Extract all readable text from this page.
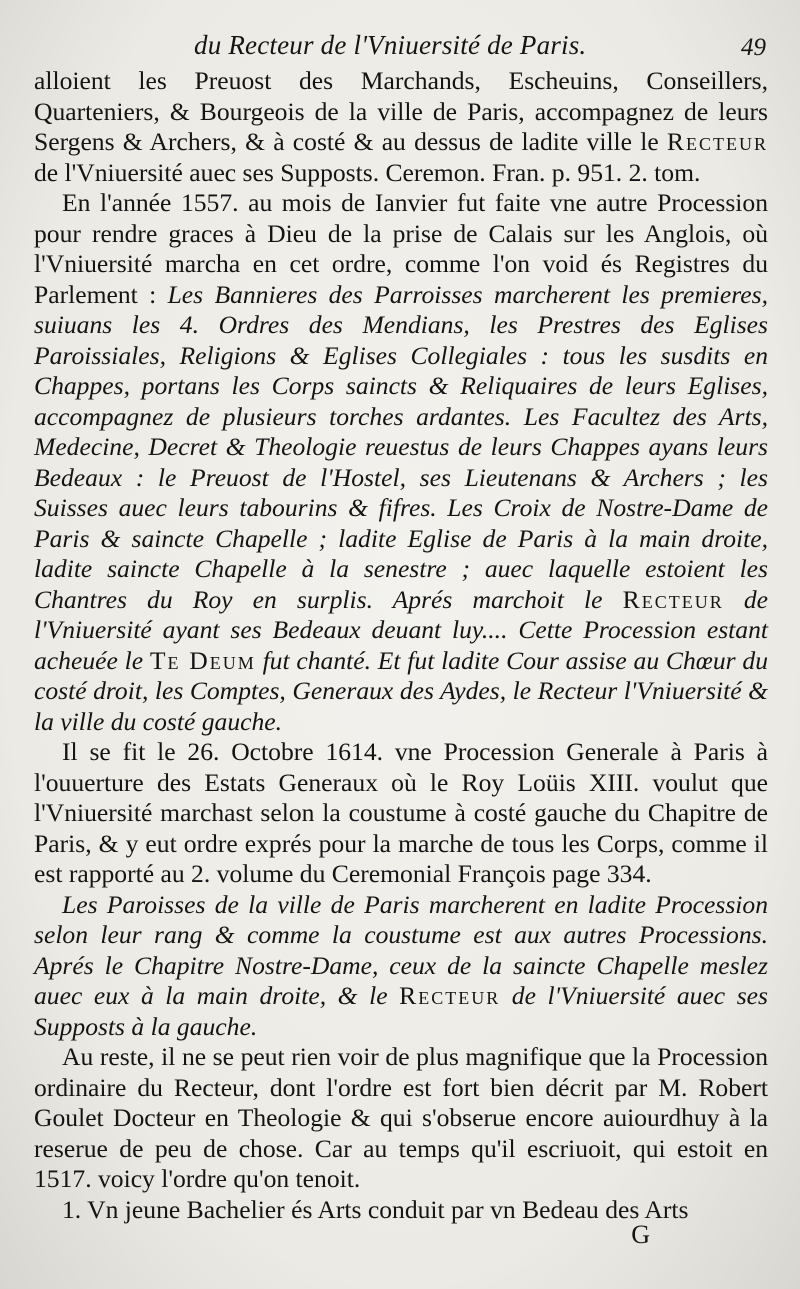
du Recteur de l'Vniuersité de Paris.	49

alloient les Preuost des Marchands, Escheuins, Conseillers, Quarteniers, & Bourgeois de la ville de Paris, accompagnez de leurs Sergens & Archers, & à costé & au dessus de ladite ville le Recteur de l'Vniuersité auec ses Supposts. Ceremon. Fran. p. 951. 2. tom.

En l'année 1557. au mois de Ianvier fut faite vne autre Procession pour rendre graces à Dieu de la prise de Calais sur les Anglois, où l'Vniuersité marcha en cet ordre, comme l'on void és Registres du Parlement : Les Bannieres des Parroisses marcherent les premieres, suiuans les 4. Ordres des Mendians, les Prestres des Eglises Paroissiales, Religions & Eglises Collegiales : tous les susdits en Chappes, portans les Corps saincts & Reliquaires de leurs Eglises, accompagnez de plusieurs torches ardantes. Les Facultez des Arts, Medecine, Decret & Theologie reuestus de leurs Chappes ayans leurs Bedeaux : le Preuost de l'Hostel, ses Lieutenans & Archers ; les Suisses auec leurs tabourins & fifres. Les Croix de Nostre-Dame de Paris & saincte Chapelle ; ladite Eglise de Paris à la main droite, ladite saincte Chapelle à la senestre ; auec laquelle estoient les Chantres du Roy en surplis. Aprés marchoit le Recteur de l'Vniuersité ayant ses Bedeaux deuant luy.... Cette Procession estant acheuée le Te Deum fut chanté. Et fut ladite Cour assise au Chœur du costé droit, les Comptes, Generaux des Aydes, le Recteur l'Vniuersité & la ville du costé gauche.

Il se fit le 26. Octobre 1614. vne Procession Generale à Paris à l'ouuerture des Estats Generaux où le Roy Loüis XIII. voulut que l'Vniuersité marchast selon la coustume à costé gauche du Chapitre de Paris, & y eut ordre exprés pour la marche de tous les Corps, comme il est rapporté au 2. volume du Ceremonial François page 334.

Les Paroisses de la ville de Paris marcherent en ladite Procession selon leur rang & comme la coustume est aux autres Processions. Aprés le Chapitre Nostre-Dame, ceux de la saincte Chapelle meslez auec eux à la main droite, & le Recteur de l'Vniuersité auec ses Supposts à la gauche.

Au reste, il ne se peut rien voir de plus magnifique que la Procession ordinaire du Recteur, dont l'ordre est fort bien décrit par M. Robert Goulet Docteur en Theologie & qui s'obserue encore auiourdhuy à la reserue de peu de chose. Car au temps qu'il escriuoit, qui estoit en 1517. voicy l'ordre qu'on tenoit.

1. Vn jeune Bachelier és Arts conduit par vn Bedeau des Arts

G
